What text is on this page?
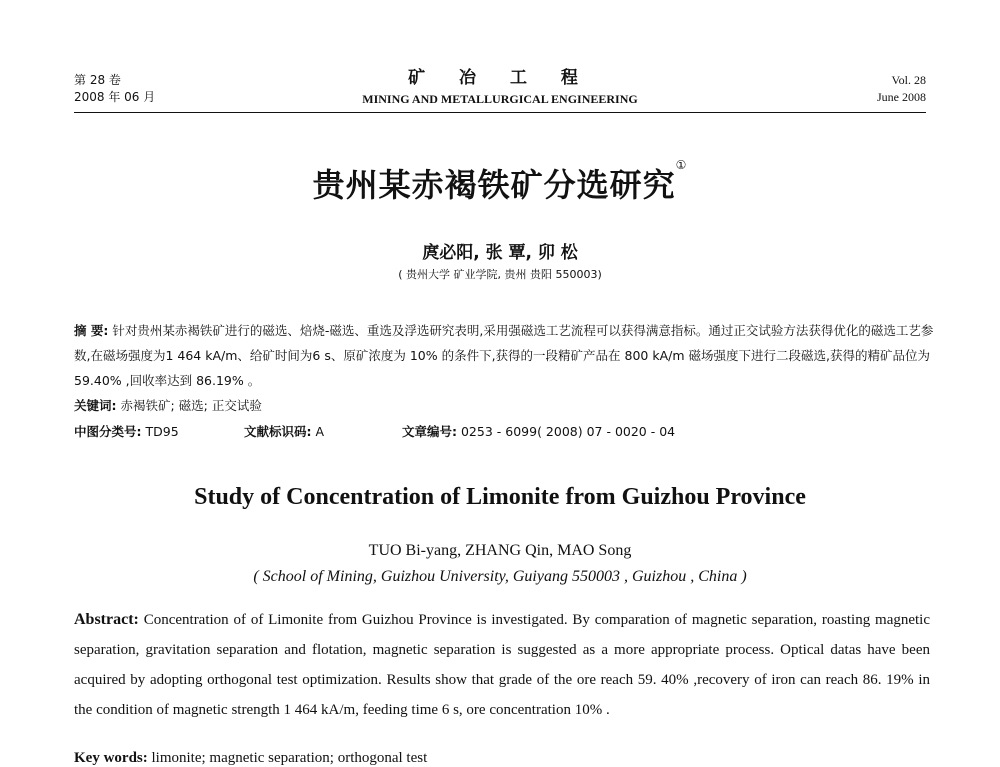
第 28 卷
2008 年 06 月
矿 冶 工 程
MINING AND METALLURGICAL ENGINEERING
Vol. 28
June 2008
贵州某赤褐铁矿分选研究①
庹必阳, 张 覃, 卯 松
( 贵州大学 矿业学院, 贵州 贵阳 550003)
摘 要: 针对贵州某赤褐铁矿进行的磁选、焙烧-磁选、重选及浮选研究表明,采用强磁选工艺流程可以获得满意指标。通过正交试验方法获得优化的磁选工艺参数,在磁场强度为1 464 kA/m、给矿时间为6 s、原矿浓度为 10% 的条件下,获得的一段精矿产品在 800 kA/m 磁场强度下进行二段磁选,获得的精矿品位为 59.40% ,回收率达到 86.19% 。
关键词: 赤褐铁矿; 磁选; 正交试验
中图分类号: TD95	文献标识码: A	文章编号: 0253 - 6099( 2008) 07 - 0020 - 04
Study of Concentration of Limonite from Guizhou Province
TUO Bi-yang, ZHANG Qin, MAO Song
( School of Mining, Guizhou University, Guiyang 550003 , Guizhou , China )
Abstract: Concentration of of Limonite from Guizhou Province is investigated. By comparation of magnetic separation, roasting magnetic separation, gravitation separation and flotation, magnetic separation is suggested as a more appropriate process. Optical datas have been acquired by adopting orthogonal test optimization. Results show that grade of the ore reach 59. 40% ,recovery of iron can reach 86. 19% in the condition of magnetic strength 1 464 kA/m, feeding time 6 s, ore concentration 10% .
Key words: limonite; magnetic separation; orthogonal test
